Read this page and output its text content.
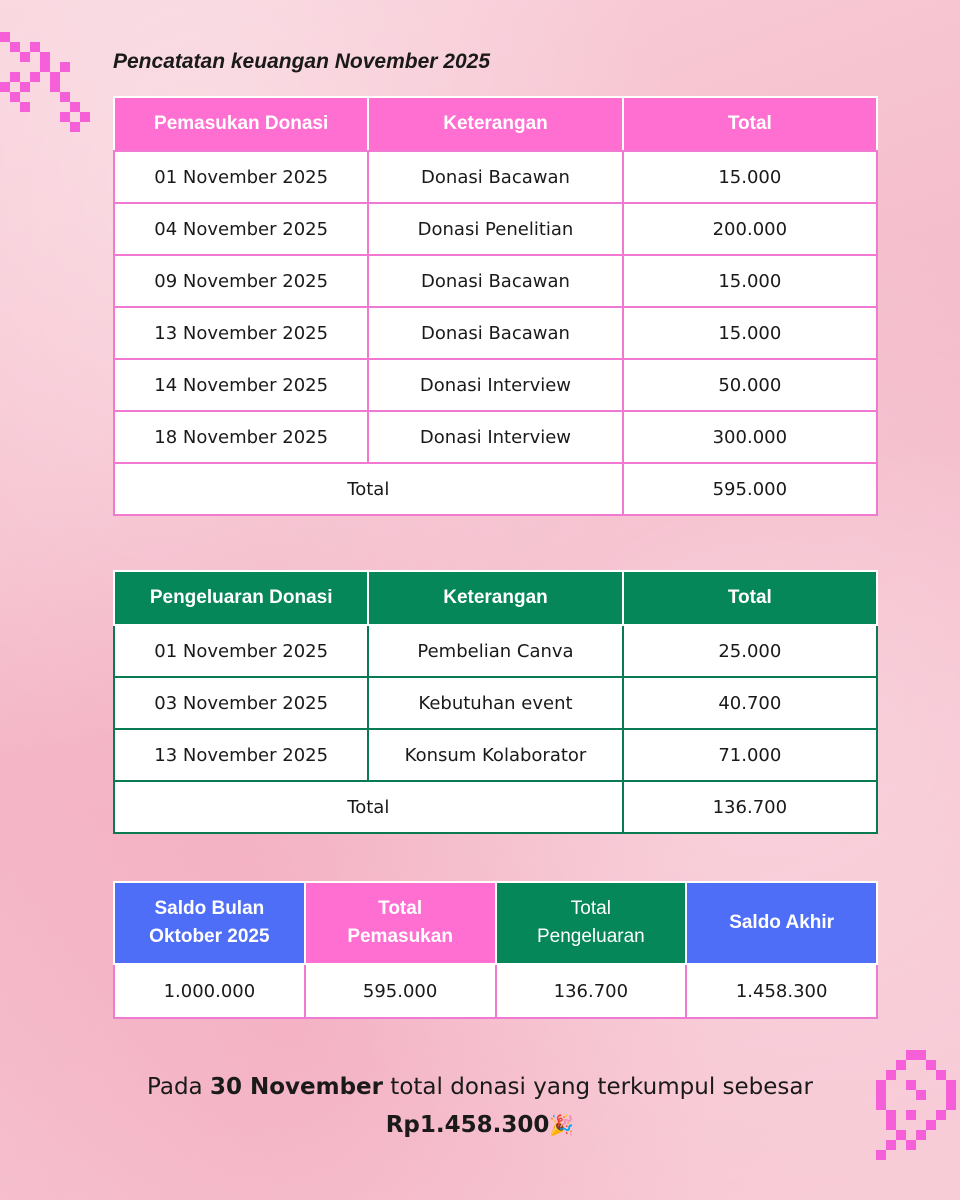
Pencatatan keuangan November 2025
Pemasukan Donasi	Keterangan	Total
01 November 2025	Donasi Bacawan	15.000
04 November 2025	Donasi Penelitian	200.000
09 November 2025	Donasi Bacawan	15.000
13 November 2025	Donasi Bacawan	15.000
14 November 2025	Donasi Interview	50.000
18 November 2025	Donasi Interview	300.000
Total		595.000
Pengeluaran Donasi	Keterangan	Total
01 November 2025	Pembelian Canva	25.000
03 November 2025	Kebutuhan event	40.700
13 November 2025	Konsum Kolaborator	71.000
Total		136.700
Saldo Bulan Oktober 2025	Total Pemasukan	Total Pengeluaran	Saldo Akhir
1.000.000	595.000	136.700	1.458.300
Pada 30 November total donasi yang terkumpul sebesar
Rp1.458.300🎉
